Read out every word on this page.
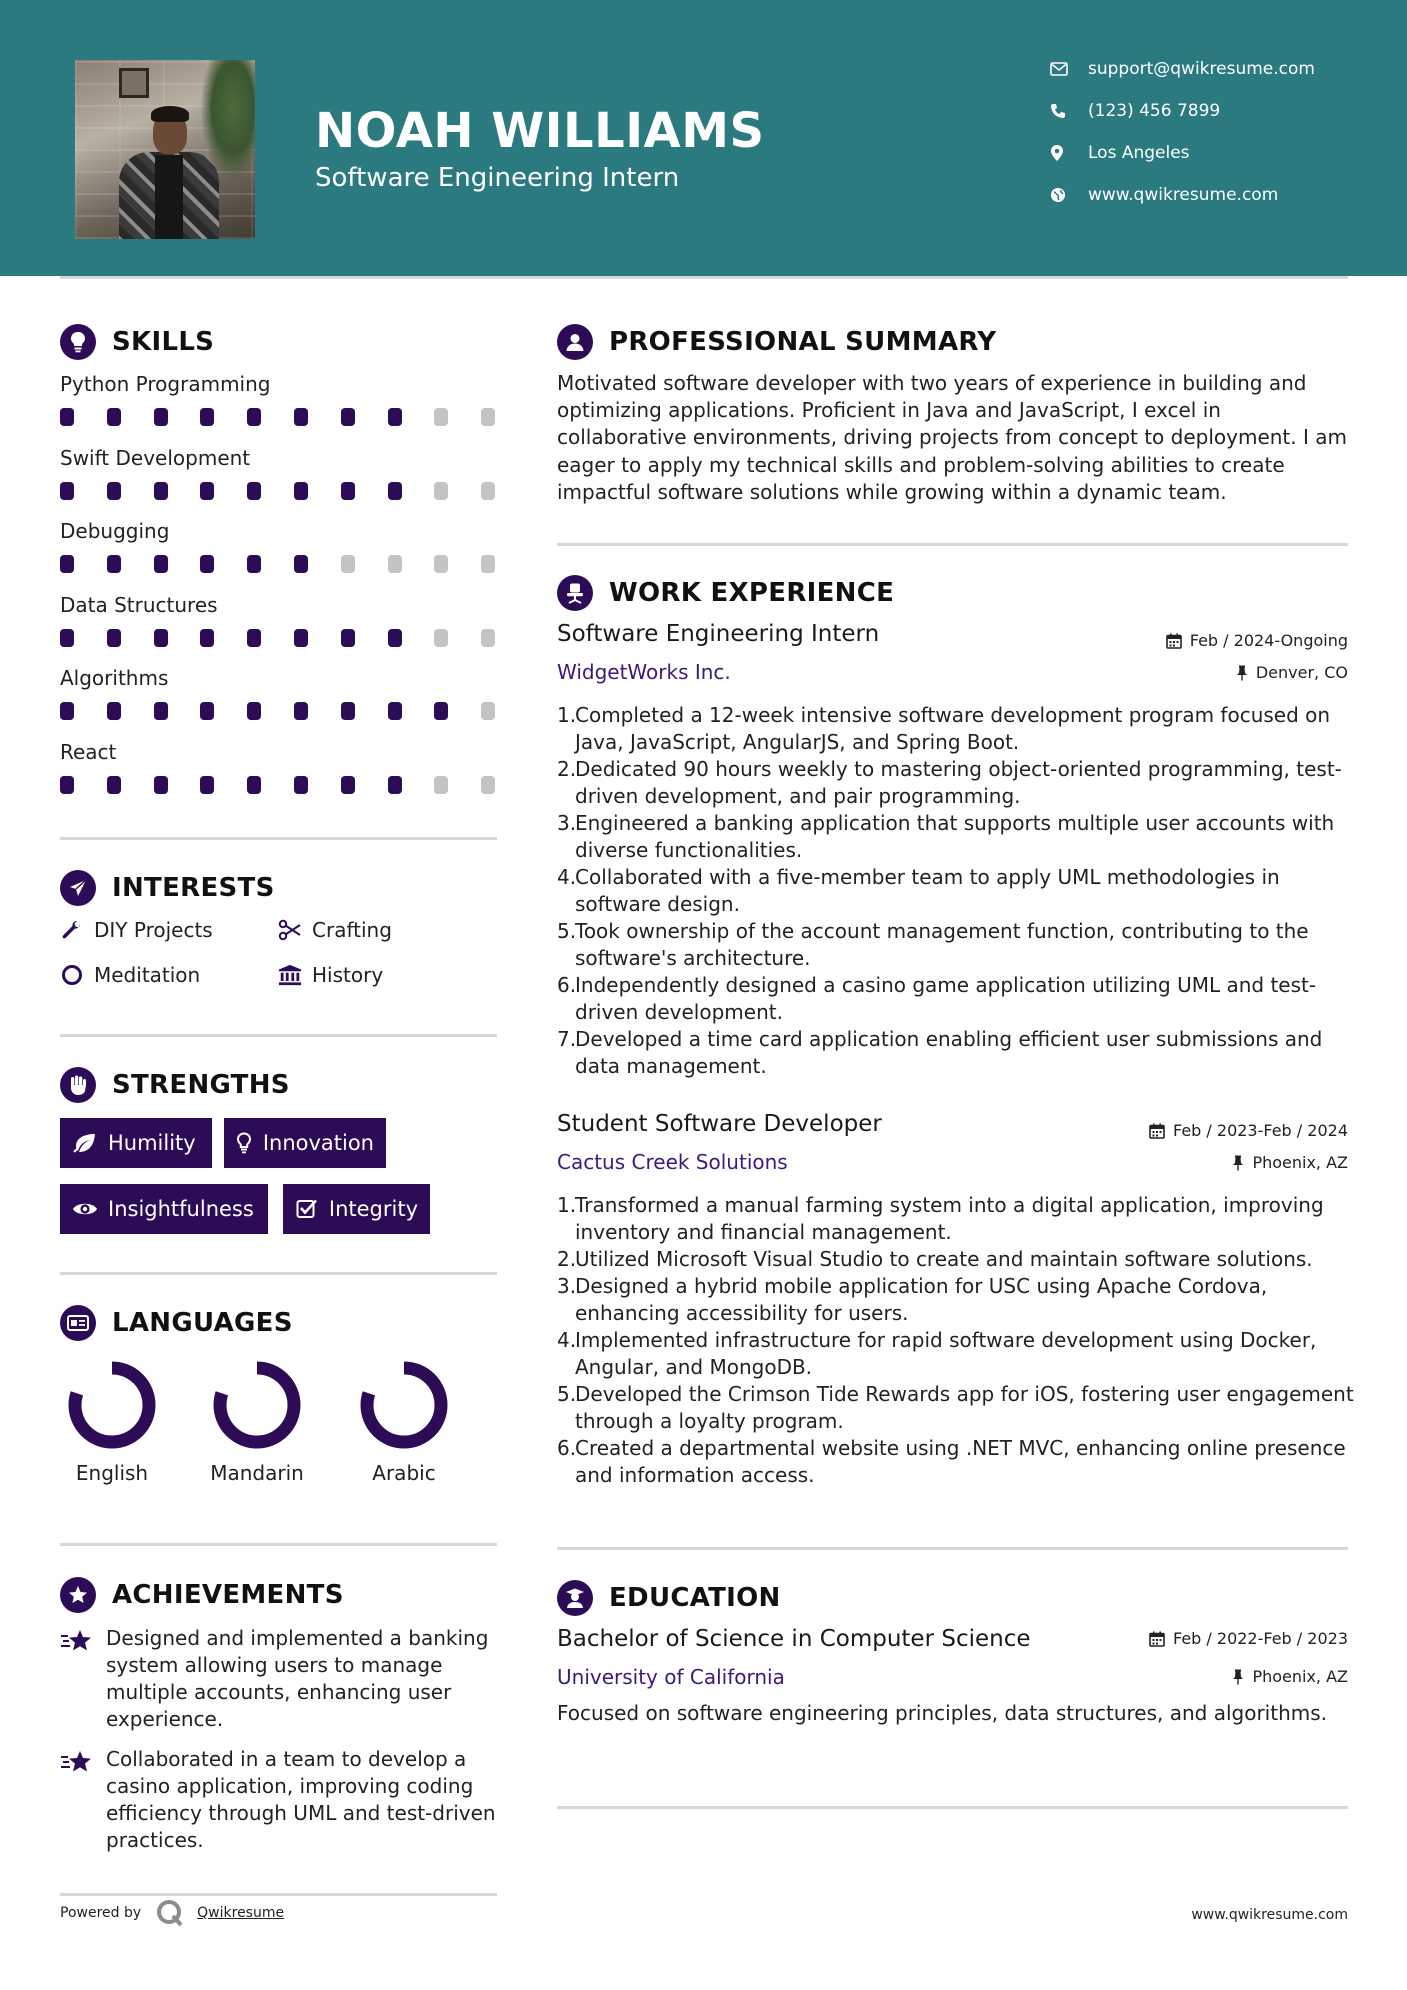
NOAH WILLIAMS
Software Engineering Intern
support@qwikresume.com
(123) 456 7899
Los Angeles
www.qwikresume.com
SKILLS
Python Programming
Swift Development
Debugging
Data Structures
Algorithms
React
INTERESTS
DIY Projects	Crafting
Meditation	History
STRENGTHS
Humility	Innovation
Insightfulness	Integrity
LANGUAGES
English	Mandarin	Arabic
ACHIEVEMENTS
Designed and implemented a banking system allowing users to manage multiple accounts, enhancing user experience.
Collaborated in a team to develop a casino application, improving coding efficiency through UML and test-driven practices.
PROFESSIONAL SUMMARY
Motivated software developer with two years of experience in building and optimizing applications. Proficient in Java and JavaScript, I excel in collaborative environments, driving projects from concept to deployment. I am eager to apply my technical skills and problem-solving abilities to create impactful software solutions while growing within a dynamic team.
WORK EXPERIENCE
Software Engineering Intern	Feb / 2024-Ongoing
WidgetWorks Inc.	Denver, CO
1.
Completed a 12-week intensive software development program focused on Java, JavaScript, AngularJS, and Spring Boot.
2.
Dedicated 90 hours weekly to mastering object-oriented programming, test-driven development, and pair programming.
3.
Engineered a banking application that supports multiple user accounts with diverse functionalities.
4.
Collaborated with a five-member team to apply UML methodologies in software design.
5.
Took ownership of the account management function, contributing to the software's architecture.
6.
Independently designed a casino game application utilizing UML and test-driven development.
7.
Developed a time card application enabling efficient user submissions and data management.
Student Software Developer	Feb / 2023-Feb / 2024
Cactus Creek Solutions	Phoenix, AZ
1.
Transformed a manual farming system into a digital application, improving inventory and financial management.
2.
Utilized Microsoft Visual Studio to create and maintain software solutions.
3.
Designed a hybrid mobile application for USC using Apache Cordova, enhancing accessibility for users.
4.
Implemented infrastructure for rapid software development using Docker, Angular, and MongoDB.
5.
Developed the Crimson Tide Rewards app for iOS, fostering user engagement through a loyalty program.
6.
Created a departmental website using .NET MVC, enhancing online presence and information access.
EDUCATION
Bachelor of Science in Computer Science	Feb / 2022-Feb / 2023
University of California	Phoenix, AZ
Focused on software engineering principles, data structures, and algorithms.
Powered by	Qwikresume	www.qwikresume.com
